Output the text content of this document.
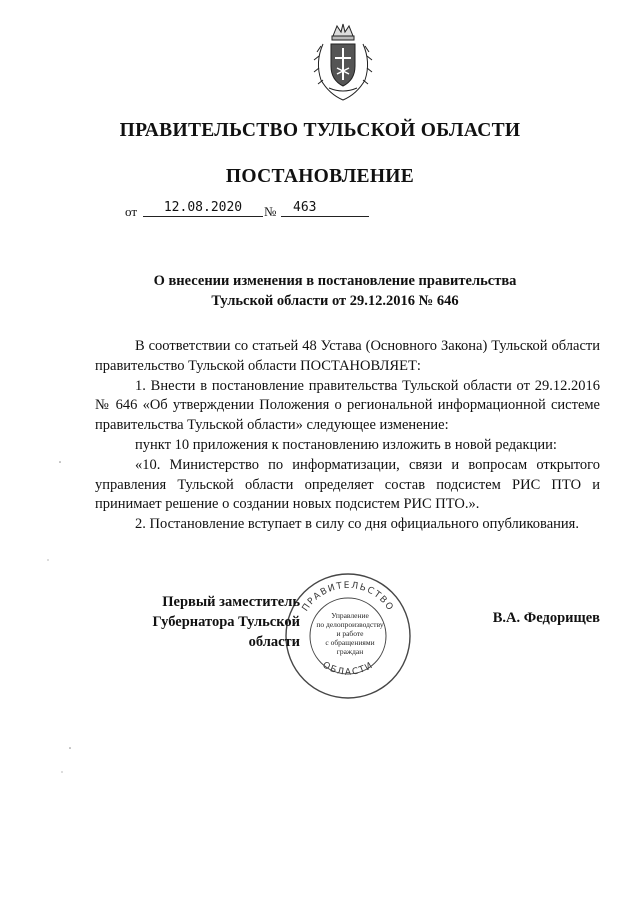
ПРАВИТЕЛЬСТВО ТУЛЬСКОЙ ОБЛАСТИ
ПОСТАНОВЛЕНИЕ
от	12.08.2020	№	463
О внесении изменения в постановление правительства
Тульской области от 29.12.2016 № 646

В соответствии со статьей 48 Устава (Основного Закона) Тульской области правительство Тульской области ПОСТАНОВЛЯЕТ:

1. Внести в постановление правительства Тульской области от 29.12.2016 № 646 «Об утверждении Положения о региональной информационной системе правительства Тульской области» следующее изменение:

пункт 10 приложения к постановлению изложить в новой редакции:

«10. Министерство по информатизации, связи и вопросам открытого управления Тульской области определяет состав подсистем РИС ПТО и принимает решение о создании новых подсистем РИС ПТО.».

2. Постановление вступает в силу со дня официального опубликования.

ПРАВИТЕЛЬСТВО
ОБЛАСТИ
Управление
по делопроизводству
и работе
с обращениями
граждан
Первый заместитель
Губернатора Тульской области
В.А. Федорищев
